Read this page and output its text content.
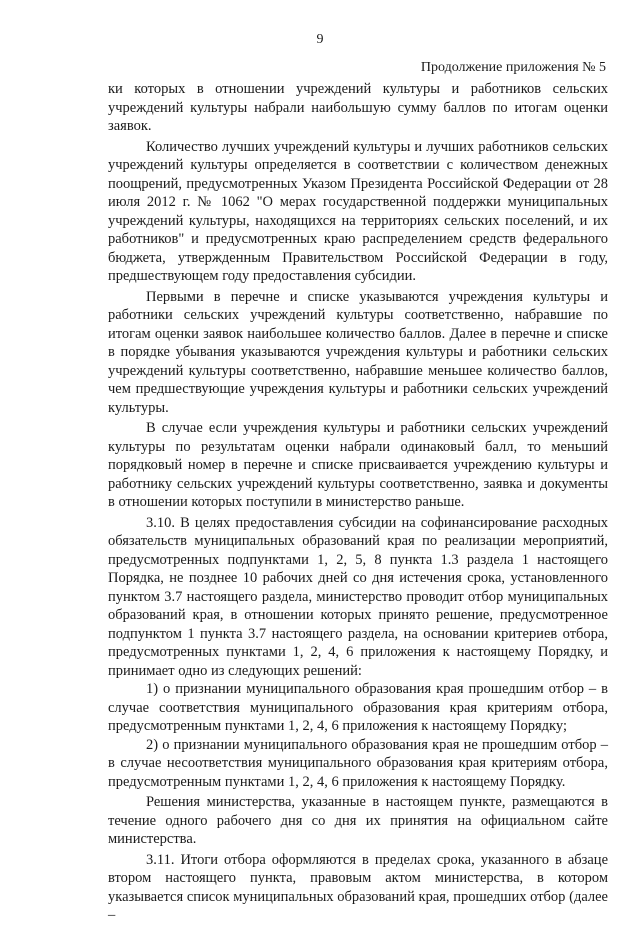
9
Продолжение приложения № 5

ки которых в отношении учреждений культуры и работников сельских учреждений культуры набрали наибольшую сумму баллов по итогам оценки заявок.

Количество лучших учреждений культуры и лучших работников сельских учреждений культуры определяется в соответствии с количеством денежных поощрений, предусмотренных Указом Президента Российской Федерации от 28 июля 2012 г. № 1062 "О мерах государственной поддержки муниципальных учреждений культуры, находящихся на территориях сельских поселений, и их работников" и предусмотренных краю распределением средств федерального бюджета, утвержденным Правительством Российской Федерации в году, предшествующем году предоставления субсидии.

Первыми в перечне и списке указываются учреждения культуры и работники сельских учреждений культуры соответственно, набравшие по итогам оценки заявок наибольшее количество баллов. Далее в перечне и списке в порядке убывания указываются учреждения культуры и работники сельских учреждений культуры соответственно, набравшие меньшее количество баллов, чем предшествующие учреждения культуры и работники сельских учреждений культуры.

В случае если учреждения культуры и работники сельских учреждений культуры по результатам оценки набрали одинаковый балл, то меньший порядковый номер в перечне и списке присваивается учреждению культуры и работнику сельских учреждений культуры соответственно, заявка и документы в отношении которых поступили в министерство раньше.

3.10. В целях предоставления субсидии на софинансирование расходных обязательств муниципальных образований края по реализации мероприятий, предусмотренных подпунктами 1, 2, 5, 8 пункта 1.3 раздела 1 настоящего Порядка, не позднее 10 рабочих дней со дня истечения срока, установленного пунктом 3.7 настоящего раздела, министерство проводит отбор муниципальных образований края, в отношении которых принято решение, предусмотренное подпунктом 1 пункта 3.7 настоящего раздела, на основании критериев отбора, предусмотренных пунктами 1, 2, 4, 6 приложения к настоящему Порядку, и принимает одно из следующих решений:

1) о признании муниципального образования края прошедшим отбор – в случае соответствия муниципального образования края критериям отбора, предусмотренным пунктами 1, 2, 4, 6 приложения к настоящему Порядку;

2) о признании муниципального образования края не прошедшим отбор – в случае несоответствия муниципального образования края критериям отбора, предусмотренным пунктами 1, 2, 4, 6 приложения к настоящему Порядку.

Решения министерства, указанные в настоящем пункте, размещаются в течение одного рабочего дня со дня их принятия на официальном сайте министерства.

3.11. Итоги отбора оформляются в пределах срока, указанного в абзаце втором настоящего пункта, правовым актом министерства, в котором указывается список муниципальных образований края, прошедших отбор (далее –
